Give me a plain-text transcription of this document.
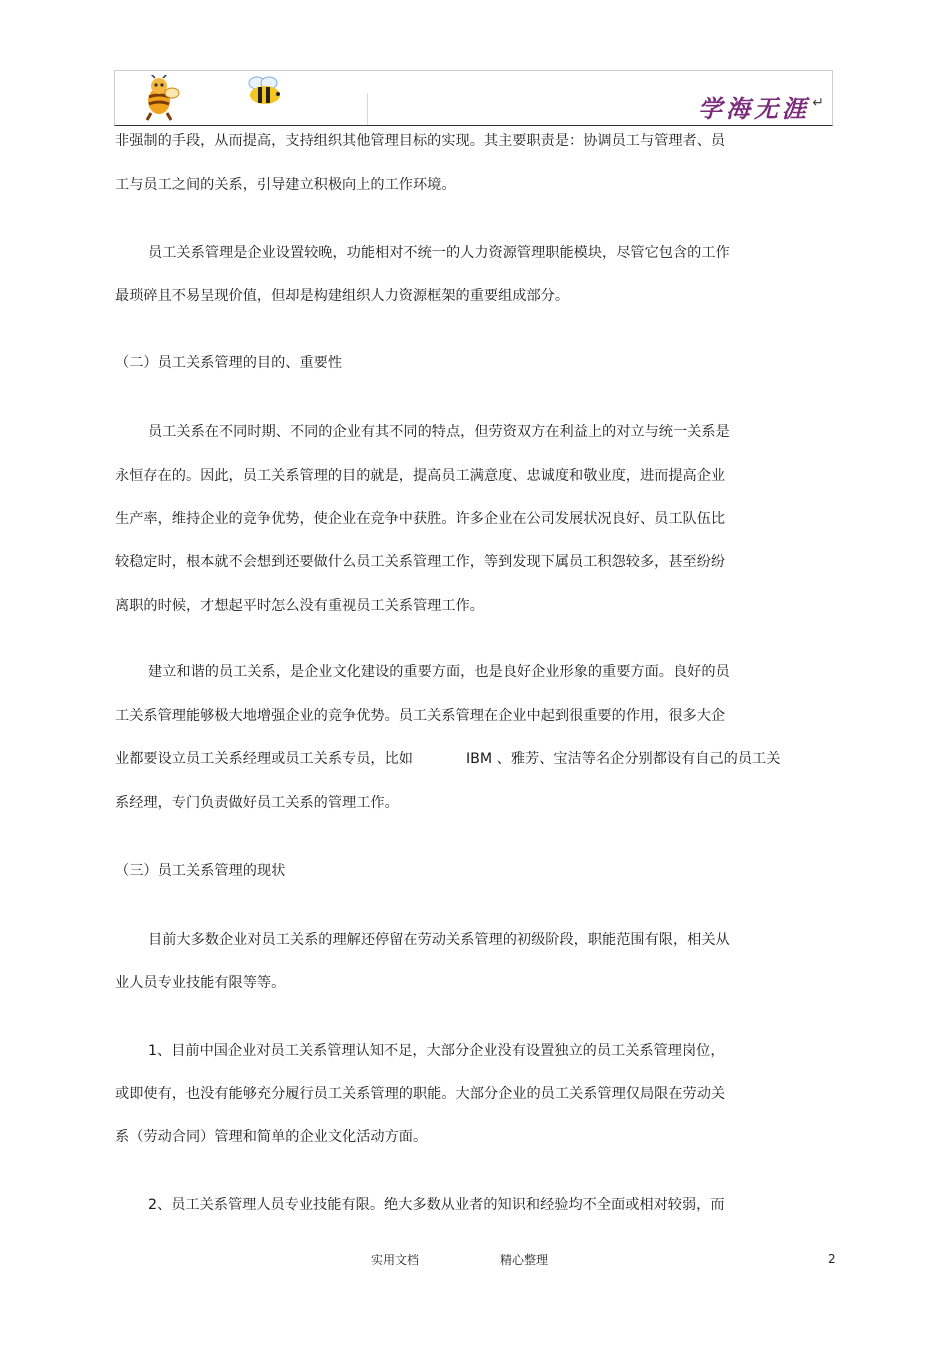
学海无涯 ↵
非强制的手段，从而提高，支持组织其他管理目标的实现。其主要职责是：协调员工与管理者、员
工与员工之间的关系，引导建立积极向上的工作环境。
员工关系管理是企业设置较晚，功能相对不统一的人力资源管理职能模块，尽管它包含的工作
最琐碎且不易呈现价值，但却是构建组织人力资源框架的重要组成部分。
（二）员工关系管理的目的、重要性
员工关系在不同时期、不同的企业有其不同的特点，但劳资双方在利益上的对立与统一关系是
永恒存在的。因此，员工关系管理的目的就是，提高员工满意度、忠诚度和敬业度，进而提高企业
生产率，维持企业的竞争优势，使企业在竞争中获胜。许多企业在公司发展状况良好、员工队伍比
较稳定时，根本就不会想到还要做什么员工关系管理工作，等到发现下属员工积怨较多，甚至纷纷
离职的时候，才想起平时怎么没有重视员工关系管理工作。
建立和谐的员工关系，是企业文化建设的重要方面，也是良好企业形象的重要方面。良好的员
工关系管理能够极大地增强企业的竞争优势。员工关系管理在企业中起到很重要的作用，很多大企
业都要设立员工关系经理或员工关系专员，比如	IBM 、雅芳、宝洁等名企分别都设有自己的员工关
系经理，专门负责做好员工关系的管理工作。
（三）员工关系管理的现状
目前大多数企业对员工关系的理解还停留在劳动关系管理的初级阶段，职能范围有限，相关从
业人员专业技能有限等等。
1、目前中国企业对员工关系管理认知不足，大部分企业没有设置独立的员工关系管理岗位，
或即使有，也没有能够充分履行员工关系管理的职能。大部分企业的员工关系管理仅局限在劳动关
系（劳动合同）管理和简单的企业文化活动方面。
2、员工关系管理人员专业技能有限。绝大多数从业者的知识和经验均不全面或相对较弱，而
实用文档	精心整理	2
